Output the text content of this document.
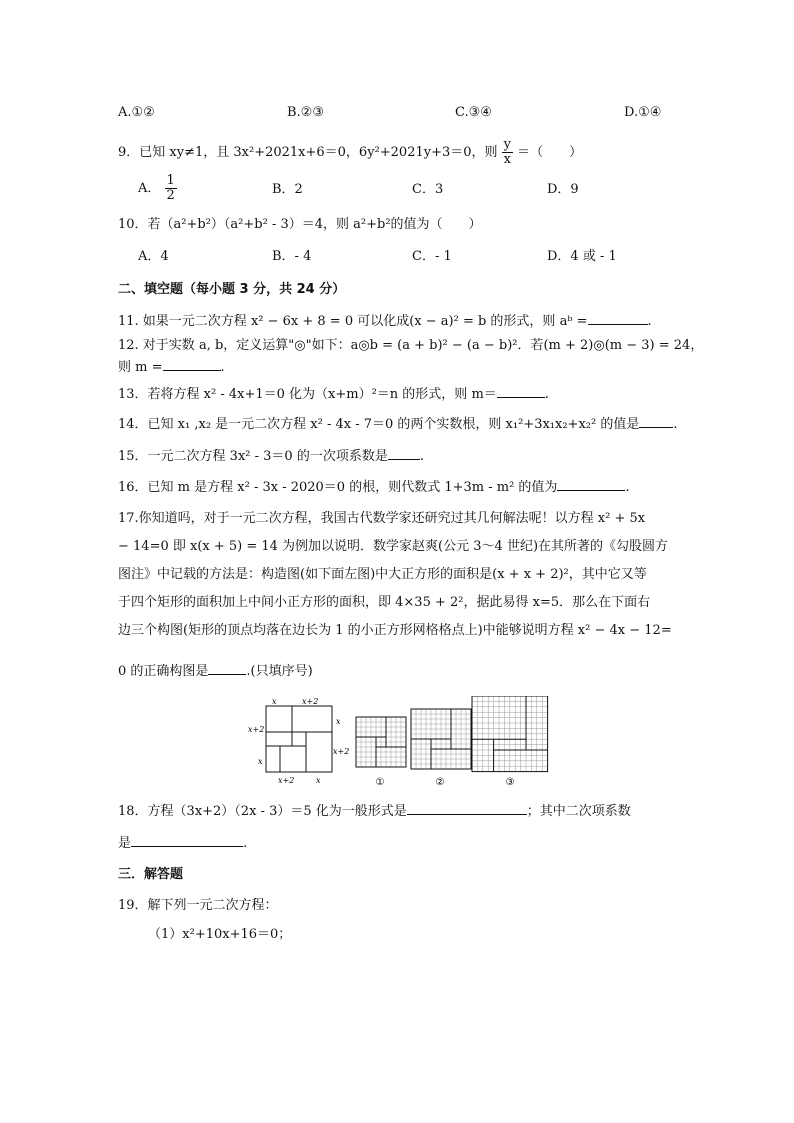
A.①②	B.②③	C.③④	D.①④
9．已知 xy≠1，且 3x²+2021x+6＝0，6y²+2021y+3＝0，则 $\frac{y}{x}$ ＝（　　）
A． $\frac{1}{2}$	B．2	C．3	D．9
10．若（a²+b²）（a²+b² - 3）＝4，则 a²+b²的值为（　　）
A．4	B．- 4	C．- 1	D．4 或 - 1
二、填空题（每小题 3 分，共 24 分）
11. 如果一元二次方程 x² − 6x + 8 = 0 可以化成(x − a)² = b 的形式，则 aᵇ =	.
12. 对于实数 a, b，定义运算"◎"如下：a◎b = (a + b)² − (a − b)²．若(m + 2)◎(m − 3) = 24，
则 m =	.
13．若将方程 x² - 4x+1＝0 化为（x+m）²＝n 的形式，则 m＝	.
14．已知 x₁ ,x₂ 是一元二次方程 x² - 4x - 7＝0 的两个实数根，则 x₁²+3x₁x₂+x₂² 的值是	.
15．一元二次方程 3x² - 3＝0 的一次项系数是 .
16．已知 m 是方程 x² - 3x - 2020＝0 的根，则代数式 1+3m - m² 的值为	.
17.你知道吗，对于一元二次方程，我国古代数学家还研究过其几何解法呢！以方程 x² + 5x
− 14=0 即 x(x + 5) = 14 为例加以说明．数学家赵爽(公元 3～4 世纪)在其所著的《勾股圆方
图注》中记载的方法是：构造图(如下面左图)中大正方形的面积是(x + x + 2)²，其中它又等
于四个矩形的面积加上中间小正方形的面积，即 4×35 + 2²，据此易得 x=5．那么在下面右
边三个构图(矩形的顶点均落在边长为 1 的小正方形网格格点上)中能够说明方程 x² − 4x − 12=
0 的正确构图是	.(只填序号)
x	x+2
x
x+2
x+2
x
x+2	x	①	②	③
18．方程（3x+2）（2x - 3）＝5 化为一般形式是	；其中二次项系数
是	.
三．解答题
19．解下列一元二次方程：
（1）x²+10x+16＝0；
